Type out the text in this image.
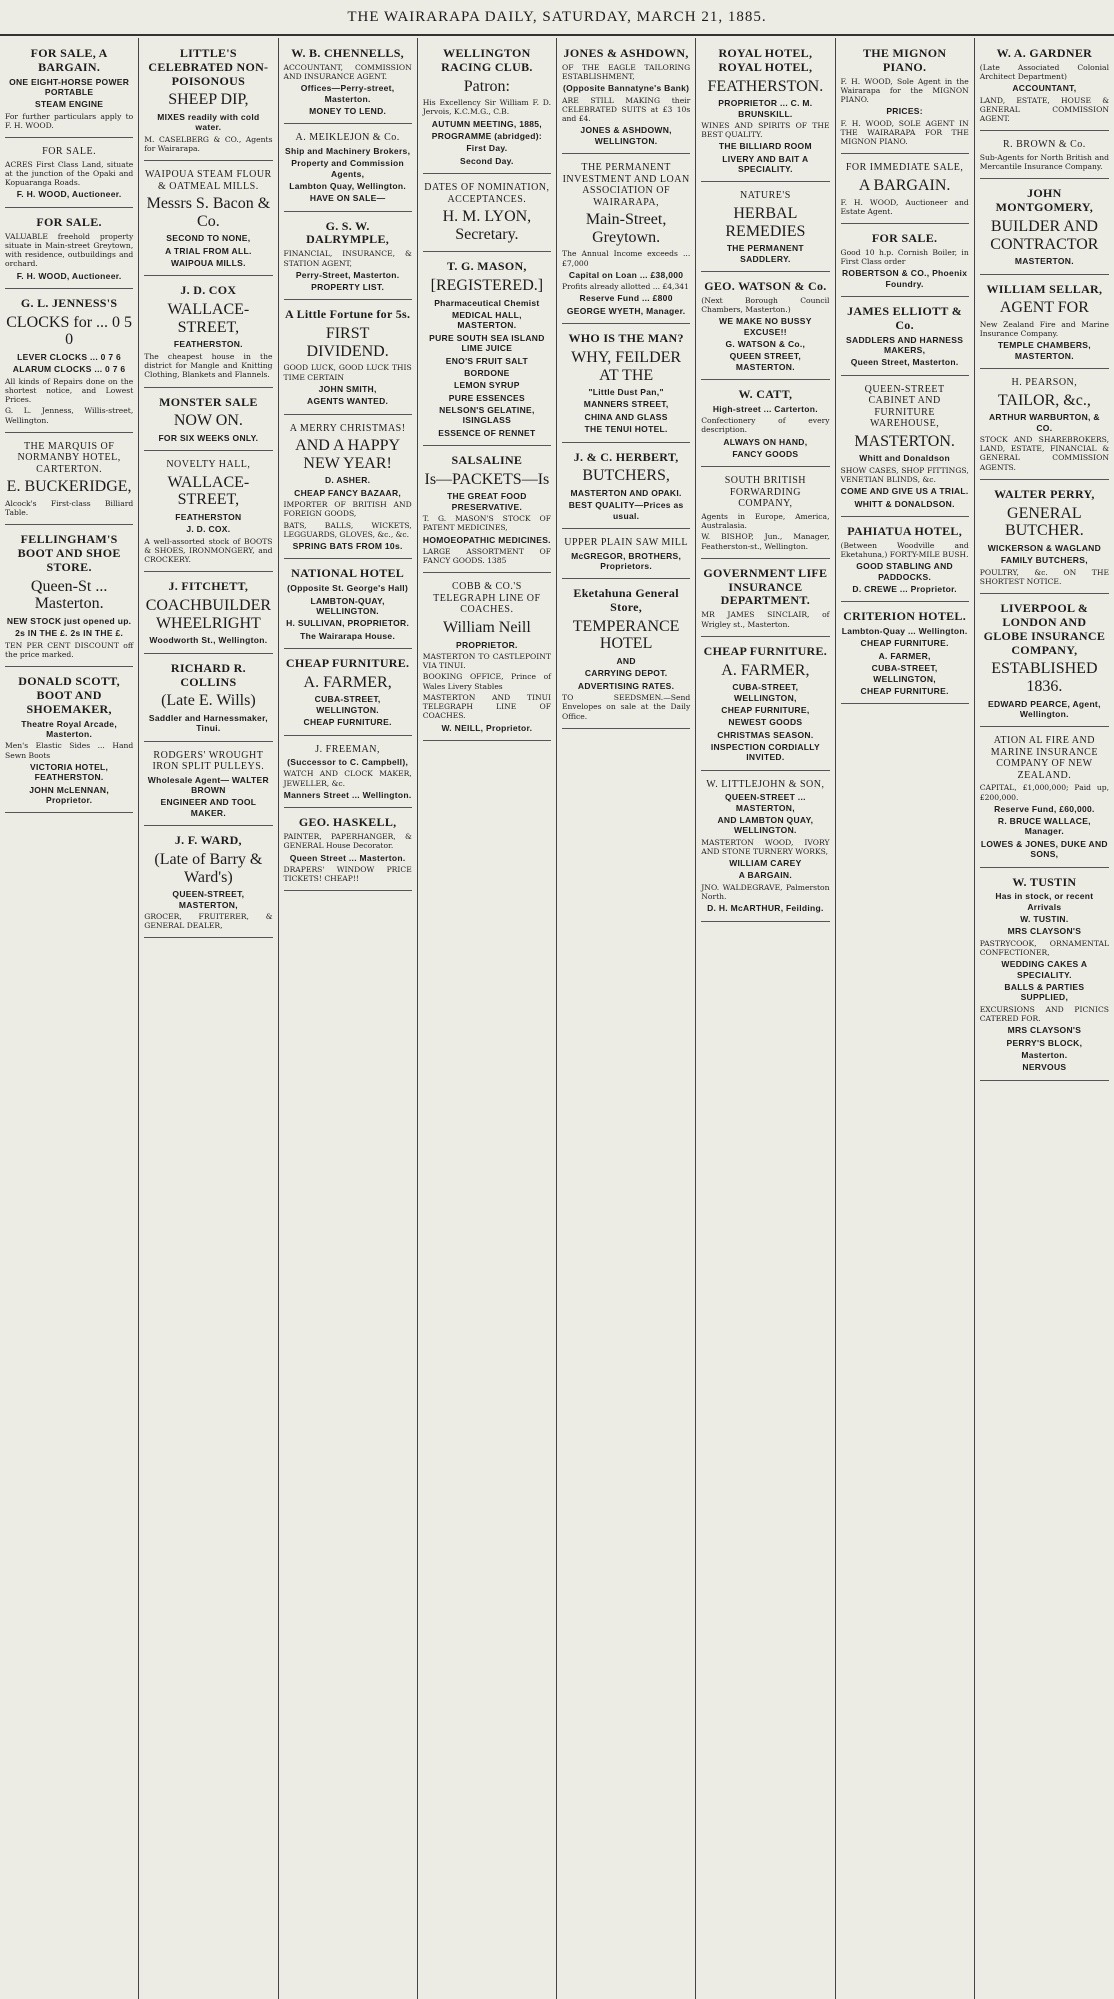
THE WAIRARAPA DAILY, SATURDAY, MARCH 21, 1885.
FOR SALE, A BARGAIN.
ONE EIGHT-HORSE POWER PORTABLE
STEAM ENGINE
For further particulars apply to F. H. WOOD.
FOR SALE.
ACRES First Class Land, situate at the junction of the Opaki and Kopuaranga Roads.
F. H. WOOD, Auctioneer.
FOR SALE.
VALUABLE freehold property situate in Main-street Greytown, with residence, outbuildings and orchard.
F. H. WOOD, Auctioneer.
G. L. JENNESS'S
CLOCKS for ... 0 5 0
LEVER CLOCKS ... 0 7 6
ALARUM CLOCKS ... 0 7 6
All kinds of Repairs done on the shortest notice, and Lowest Prices.
G. L. Jenness, Willis-street, Wellington.
THE MARQUIS OF NORMANBY HOTEL, CARTERTON.
E. BUCKERIDGE,
Alcock's First-class Billiard Table.
FELLINGHAM'S BOOT AND SHOE STORE.
Queen-St ... Masterton.
NEW STOCK just opened up.
2s IN THE £. 2s IN THE £.
TEN PER CENT DISCOUNT off the price marked.
DONALD SCOTT, BOOT AND SHOEMAKER,
Theatre Royal Arcade, Masterton.
Men's Elastic Sides ... Hand Sewn Boots
VICTORIA HOTEL, FEATHERSTON.
JOHN McLENNAN, Proprietor.
LITTLE'S CELEBRATED NON-POISONOUS
SHEEP DIP,
MIXES readily with cold water.
M. CASELBERG & CO., Agents for Wairarapa.
WAIPOUA STEAM FLOUR & OATMEAL MILLS.
Messrs S. Bacon & Co.
SECOND TO NONE,
A TRIAL FROM ALL.
WAIPOUA MILLS.
J. D. COX
WALLACE-STREET,
FEATHERSTON.
The cheapest house in the district for Mangle and Knitting Clothing, Blankets and Flannels.
MONSTER SALE
NOW ON.
FOR SIX WEEKS ONLY.
NOVELTY HALL,
WALLACE-STREET,
FEATHERSTON
J. D. COX.
A well-assorted stock of BOOTS & SHOES, IRONMONGERY, and CROCKERY.
J. FITCHETT,
COACHBUILDER WHEELRIGHT
Woodworth St., Wellington.
RICHARD R. COLLINS
(Late E. Wills)
Saddler and Harnessmaker, Tinui.
RODGERS' WROUGHT IRON SPLIT PULLEYS.
Wholesale Agent— WALTER BROWN
ENGINEER AND TOOL MAKER.
J. F. WARD,
(Late of Barry & Ward's)
QUEEN-STREET, MASTERTON,
GROCER, FRUITERER, & GENERAL DEALER,
W. B. CHENNELLS,
ACCOUNTANT, COMMISSION AND INSURANCE AGENT.
Offices—Perry-street, Masterton.
MONEY TO LEND.
A. MEIKLEJON & Co.
Ship and Machinery Brokers,
Property and Commission Agents,
Lambton Quay, Wellington.
HAVE ON SALE—
G. S. W. DALRYMPLE,
FINANCIAL, INSURANCE, & STATION AGENT,
Perry-Street, Masterton.
PROPERTY LIST.
A Little Fortune for 5s.
FIRST DIVIDEND.
GOOD LUCK, GOOD LUCK THIS TIME CERTAIN
JOHN SMITH,
AGENTS WANTED.
A MERRY CHRISTMAS!
AND A HAPPY NEW YEAR!
D. ASHER.
CHEAP FANCY BAZAAR,
IMPORTER OF BRITISH AND FOREIGN GOODS,
BATS, BALLS, WICKETS, LEGGUARDS, GLOVES, &c., &c.
SPRING BATS FROM 10s.
NATIONAL HOTEL
(Opposite St. George's Hall)
LAMBTON-QUAY, WELLINGTON.
H. SULLIVAN, PROPRIETOR.
The Wairarapa House.
CHEAP FURNITURE.
A. FARMER,
CUBA-STREET, WELLINGTON.
CHEAP FURNITURE.
J. FREEMAN,
(Successor to C. Campbell),
WATCH AND CLOCK MAKER, JEWELLER, &c.
Manners Street ... Wellington.
GEO. HASKELL,
PAINTER, PAPERHANGER, & GENERAL House Decorator.
Queen Street ... Masterton.
DRAPERS' WINDOW PRICE TICKETS! CHEAP!!
WELLINGTON RACING CLUB.
Patron:
His Excellency Sir William F. D. Jervois, K.C.M.G., C.B.
AUTUMN MEETING, 1885,
PROGRAMME (abridged):
First Day.
Second Day.
DATES OF NOMINATION, ACCEPTANCES.
H. M. LYON, Secretary.
T. G. MASON,
[REGISTERED.]
Pharmaceutical Chemist
MEDICAL HALL, MASTERTON.
PURE SOUTH SEA ISLAND LIME JUICE
ENO'S FRUIT SALT
BORDONE
LEMON SYRUP
PURE ESSENCES
NELSON'S GELATINE, ISINGLASS
ESSENCE OF RENNET
SALSALINE
Is—PACKETS—Is
THE GREAT FOOD PRESERVATIVE.
T. G. MASON'S STOCK OF PATENT MEDICINES,
HOMOEOPATHIC MEDICINES.
LARGE ASSORTMENT OF FANCY GOODS. 1385
COBB & CO.'S TELEGRAPH LINE OF COACHES.
William Neill
PROPRIETOR.
MASTERTON TO CASTLEPOINT VIA TINUI.
BOOKING OFFICE, Prince of Wales Livery Stables
MASTERTON AND TINUI TELEGRAPH LINE OF COACHES.
W. NEILL, Proprietor.
JONES & ASHDOWN,
OF THE EAGLE TAILORING ESTABLISHMENT,
(Opposite Bannatyne's Bank)
ARE STILL MAKING their CELEBRATED SUITS at £3 10s and £4.
JONES & ASHDOWN, WELLINGTON.
THE PERMANENT INVESTMENT AND LOAN ASSOCIATION OF WAIRARAPA,
Main-Street, Greytown.
The Annual Income exceeds ... £7,000
Capital on Loan ... £38,000
Profits already allotted ... £4,341
Reserve Fund ... £800
GEORGE WYETH, Manager.
WHO IS THE MAN?
WHY, FEILDER AT THE
"Little Dust Pan,"
MANNERS STREET,
CHINA AND GLASS
THE TENUI HOTEL.
J. & C. HERBERT,
BUTCHERS,
MASTERTON AND OPAKI.
BEST QUALITY—Prices as usual.
UPPER PLAIN SAW MILL
McGREGOR, BROTHERS, Proprietors.
Eketahuna General Store,
TEMPERANCE HOTEL
AND
CARRYING DEPOT.
ADVERTISING RATES.
TO SEEDSMEN.—Send Envelopes on sale at the Daily Office.
ROYAL HOTEL, ROYAL HOTEL,
FEATHERSTON.
PROPRIETOR ... C. M. BRUNSKILL.
WINES AND SPIRITS OF THE BEST QUALITY.
THE BILLIARD ROOM
LIVERY AND BAIT A SPECIALITY.
NATURE'S
HERBAL REMEDIES
THE PERMANENT SADDLERY.
GEO. WATSON & Co.
(Next Borough Council Chambers, Masterton.)
WE MAKE NO BUSSY EXCUSE!!
G. WATSON & Co.,
QUEEN STREET, MASTERTON.
W. CATT,
High-street ... Carterton.
Confectionery of every description.
ALWAYS ON HAND,
FANCY GOODS
SOUTH BRITISH FORWARDING COMPANY,
Agents in Europe, America, Australasia.
W. BISHOP, Jun., Manager, Featherston-st., Wellington.
GOVERNMENT LIFE INSURANCE DEPARTMENT.
MR JAMES SINCLAIR, of Wrigley st., Masterton.
CHEAP FURNITURE.
A. FARMER,
CUBA-STREET, WELLINGTON,
CHEAP FURNITURE,
NEWEST GOODS
CHRISTMAS SEASON.
INSPECTION CORDIALLY INVITED.
W. LITTLEJOHN & SON,
QUEEN-STREET ... MASTERTON,
AND LAMBTON QUAY, WELLINGTON.
MASTERTON WOOD, IVORY AND STONE TURNERY WORKS,
WILLIAM CAREY
A BARGAIN.
JNO. WALDEGRAVE, Palmerston North.
D. H. McARTHUR, Feilding.
THE MIGNON PIANO.
F. H. WOOD, Sole Agent in the Wairarapa for the MIGNON PIANO.
PRICES:
F. H. WOOD, SOLE AGENT IN THE WAIRARAPA FOR THE MIGNON PIANO.
FOR IMMEDIATE SALE,
A BARGAIN.
F. H. WOOD, Auctioneer and Estate Agent.
FOR SALE.
Good 10 h.p. Cornish Boiler, in First Class order
ROBERTSON & CO., Phoenix Foundry.
JAMES ELLIOTT & Co.
SADDLERS AND HARNESS MAKERS,
Queen Street, Masterton.
QUEEN-STREET CABINET AND FURNITURE WAREHOUSE,
MASTERTON.
Whitt and Donaldson
SHOW CASES, SHOP FITTINGS, VENETIAN BLINDS, &c.
COME AND GIVE US A TRIAL.
WHITT & DONALDSON.
PAHIATUA HOTEL,
(Between Woodville and Eketahuna,) FORTY-MILE BUSH.
GOOD STABLING AND PADDOCKS.
D. CREWE ... Proprietor.
CRITERION HOTEL.
Lambton-Quay ... Wellington.
CHEAP FURNITURE.
A. FARMER,
CUBA-STREET, WELLINGTON,
CHEAP FURNITURE.
W. A. GARDNER
(Late Associated Colonial Architect Department)
ACCOUNTANT,
LAND, ESTATE, HOUSE & GENERAL COMMISSION AGENT.
R. BROWN & Co.
Sub-Agents for North British and Mercantile Insurance Company.
JOHN MONTGOMERY,
BUILDER AND CONTRACTOR
MASTERTON.
WILLIAM SELLAR,
AGENT FOR
New Zealand Fire and Marine Insurance Company.
TEMPLE CHAMBERS, MASTERTON.
H. PEARSON,
TAILOR, &c.,
ARTHUR WARBURTON, & CO.
STOCK AND SHAREBROKERS, LAND, ESTATE, FINANCIAL & GENERAL COMMISSION AGENTS.
WALTER PERRY,
GENERAL BUTCHER.
WICKERSON & WAGLAND
FAMILY BUTCHERS,
POULTRY, &c. ON THE SHORTEST NOTICE.
LIVERPOOL & LONDON AND GLOBE INSURANCE COMPANY,
ESTABLISHED 1836.
EDWARD PEARCE, Agent, Wellington.
ATION AL FIRE AND MARINE INSURANCE COMPANY OF NEW ZEALAND.
CAPITAL, £1,000,000; Paid up, £200,000.
Reserve Fund, £60,000.
R. BRUCE WALLACE, Manager.
LOWES & JONES, DUKE AND SONS,
W. TUSTIN
Has in stock, or recent Arrivals
W. TUSTIN.
MRS CLAYSON'S
PASTRYCOOK, ORNAMENTAL CONFECTIONER,
WEDDING CAKES A SPECIALITY.
BALLS & PARTIES SUPPLIED,
EXCURSIONS AND PICNICS CATERED FOR.
MRS CLAYSON'S
PERRY'S BLOCK,
Masterton.
NERVOUS
